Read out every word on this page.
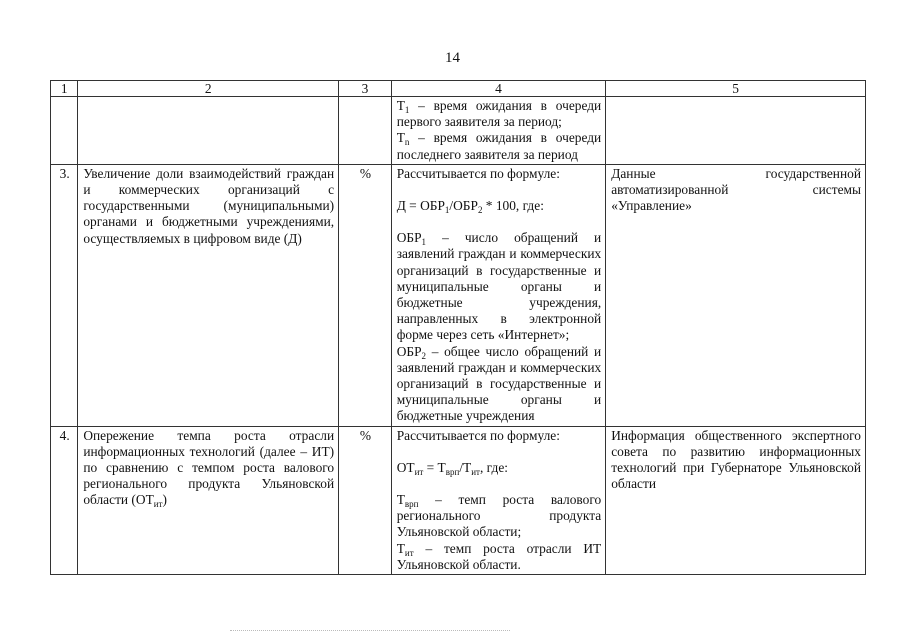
14
1	2	3	4	5

			$Т_1$ – время ожидания в очереди первого заявителя за период;
$Т_n$ – время ожидания в очереди последнего заявителя за период	

3.	Увеличение доли взаимодействий граждан и коммерческих организаций с государственными (муниципальными) органами и бюджетными учреждениями, осуществляемых в цифровом виде (Д)	%	Рассчитывается по формуле:
$Д = ОБР_1/ОБР_2 * 100$, где:
$ОБР_1$ – число обращений и заявлений граждан и коммерческих организаций в государственные и муниципальные органы и бюджетные учреждения, направленных в электронной форме через сеть «Интернет»;
$ОБР_2$ – общее число обращений и заявлений граждан и коммерческих организаций в государственные и муниципальные органы и бюджетные учреждения	Данные государственной автоматизированной системы «Управление»
4.	Опережение темпа роста отрасли информационных технологий (далее – ИТ) по сравнению с темпом роста валового регионального продукта Ульяновской области $(ОТ_{ит})$	%	Рассчитывается по формуле:
$ОТ_{ит} = Т_{врп}/Т_{ит}$, где:
$Т_{врп}$ – темп роста валового регионального продукта Ульяновской области;
$Т_{ит}$ – темп роста отрасли ИТ Ульяновской области.	Информация общественного экспертного совета по развитию информационных технологий при Губернаторе Ульяновской области
